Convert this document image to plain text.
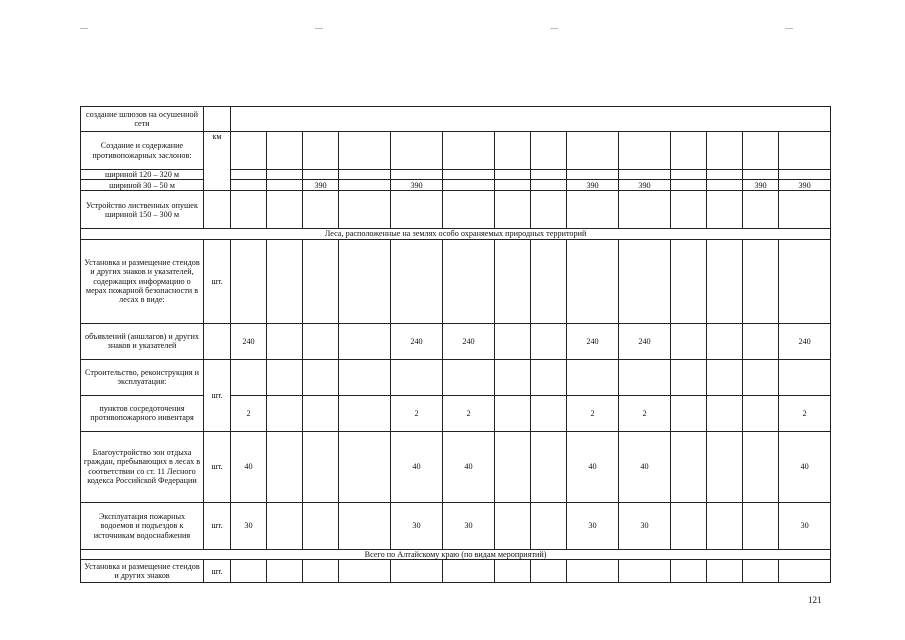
создание шлюзов на осушенной сети															
Создание и содержание противопожарных заслонов:	км														
шириной 120 – 320 м															
шириной 30 – 50 м				390		390				390	390			390	390
Устройство лиственных опушек шириной 150 – 300 м															
Леса, расположенные на землях особо охраняемых природных территорий															
Установка и размещение стендов и других знаков и указателей, содержащих информацию о мерах пожарной безопасности в лесах в виде:	шт.														
объявлений (аншлагов) и других знаков и указателей		240				240	240			240	240				240
Строительство, реконструкция и эксплуатация:	шт.														
пунктов сосредоточения противопожарного инвентаря		2				2	2			2	2				2
Благоустройство зон отдыха граждан, пребывающих в лесах в соответствии со ст. 11 Лесного кодекса Российской Федерации	шт.	40				40	40			40	40				40
Эксплуатация пожарных водоемов и подъездов к источникам водоснабжения	шт.	30				30	30			30	30				30
Всего по Алтайскому краю (по видам мероприятий)															
Установка и размещение стендов и других знаков	шт.														
121
